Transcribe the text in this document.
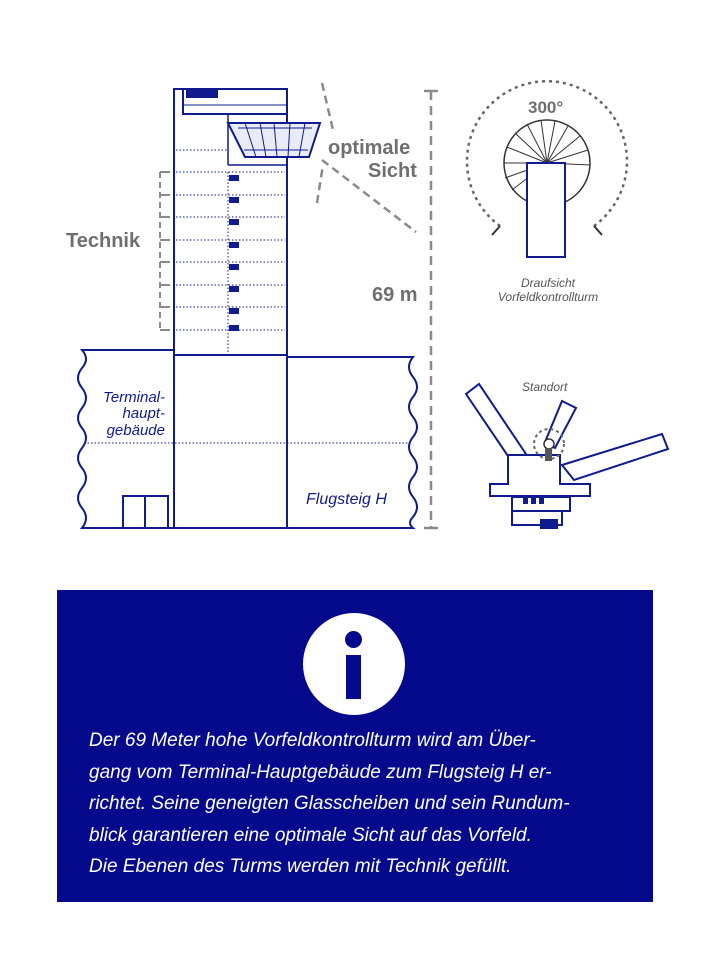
Technik
optimale
Sicht
69 m
Terminal-
haupt-
gebäude
Flugsteig H
300°
Draufsicht
Vorfeldkontrollturm
Standort

Der 69 Meter hohe Vorfeldkontrollturm wird am Über-
gang vom Terminal-Hauptgebäude zum Flugsteig H er-
richtet. Seine geneigten Glasscheiben und sein Rundum-
blick garantieren eine optimale Sicht auf das Vorfeld.
Die Ebenen des Turms werden mit Technik gefüllt.
